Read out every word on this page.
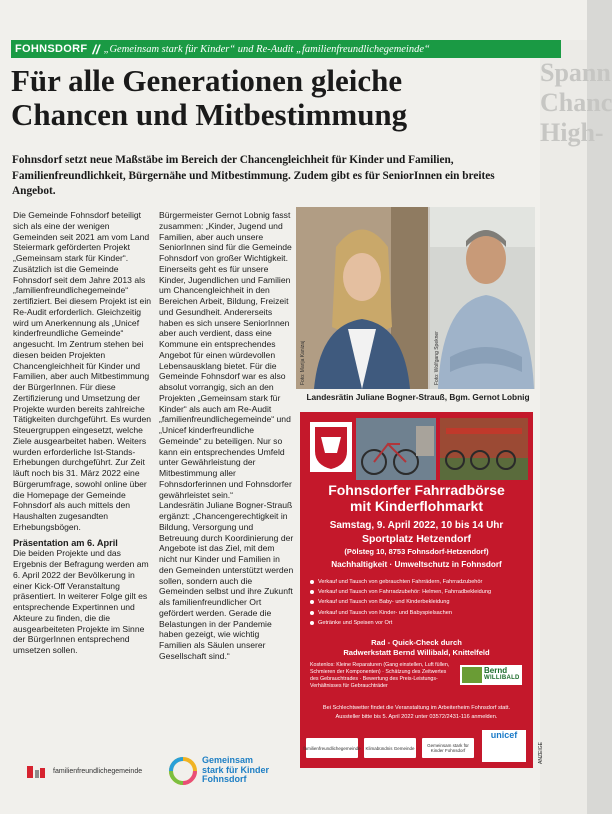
Spann
Chanc
High-
FOHNSDORF // „Gemeinsam stark für Kinder“ und Re-Audit „familienfreundlichegemeinde“
Für alle Generationen gleiche
Chancen und Mitbestimmung

Fohnsdorf setzt neue Maßstäbe im Bereich der Chancengleichheit für Kinder und Familien, Familienfreundlichkeit, Bürgernähe und Mitbestimmung. Zudem gibt es für SeniorInnen ein breites Angebot.

Die Gemeinde Fohnsdorf beteiligt sich als eine der wenigen Gemeinden seit 2021 am vom Land Steiermark geförderten Projekt „Gemeinsam stark für Kinder“. Zusätzlich ist die Gemeinde Fohnsdorf seit dem Jahre 2013 als „familienfreundlichegemeinde“ zertifiziert. Bei diesem Projekt ist ein Re-Audit erforderlich. Gleichzeitig wird um Anerkennung als „Unicef kinderfreundliche Gemeinde“ angesucht. Im Zentrum stehen bei diesen beiden Projekten Chancengleichheit für Kinder und Familien, aber auch Mitbestimmung der BürgerInnen. Für diese Zertifizierung und Umsetzung der Projekte wurden bereits zahlreiche Tätigkeiten durchgeführt. Es wurden Steuergruppen eingesetzt, welche Ziele ausgearbeitet haben. Weiters wurden erforderliche Ist-Stands-Erhebungen durchgeführt. Zur Zeit läuft noch bis 31. März 2022 eine Bürgerumfrage, sowohl online über die Homepage der Gemeinde Fohnsdorf als auch mittels den Haushalten zugesandten Erhebungsbögen.

Präsentation am 6. April

Die beiden Projekte und das Ergebnis der Befragung werden am 6. April 2022 der Bevölkerung in einer Kick-Off Veranstaltung präsentiert. In weiterer Folge gilt es entsprechende Expertinnen und Akteure zu finden, die die ausgearbeiteten Projekte im Sinne der BürgerInnen entsprechend umsetzen sollen.

Bürgermeister Gernot Lobnig fasst zusammen: „Kinder, Jugend und Familien, aber auch unsere SeniorInnen sind für die Gemeinde Fohnsdorf von großer Wichtigkeit. Einerseits geht es für unsere Kinder, Jugendlichen und Familien um Chancengleichheit in den Bereichen Arbeit, Bildung, Freizeit und Gesundheit. Andererseits haben es sich unsere SeniorInnen aber auch verdient, dass eine Kommune ein entsprechendes Angebot für einen würdevollen Lebensausklang bietet. Für die Gemeinde Fohnsdorf war es also absolut vorrangig, sich an den Projekten „Gemeinsam stark für Kinder“ als auch am Re-Audit „familienfreundlichegemeinde“ und „Unicef kinderfreundliche Gemeinde“ zu beteiligen. Nur so kann ein entsprechendes Umfeld unter Gewährleistung der Mitbestimmung aller Fohnsdorferinnen und Fohnsdorfer gewährleistet sein.“

Landesrätin Juliane Bogner-Strauß ergänzt: „Chancengerechtigkeit in Bildung, Versorgung und Betreuung durch Koordinierung der Angebote ist das Ziel, mit dem nicht nur Kinder und Familien in den Gemeinden unterstützt werden sollen, sondern auch die Gemeinden selbst und ihre Zukunft als familienfreundlicher Ort gefördert werden. Gerade die Belastungen in der Pandemie haben gezeigt, wie wichtig Familien als Säulen unserer Gesellschaft sind.“

Foto: Marija Kanizaj	Foto: Wolfgang Spekner
Landesrätin Juliane Bogner-Strauß, Bgm. Gernot Lobnig
Fohnsdorfer Fahrradbörse
mit Kinderflohmarkt
Samstag, 9. April 2022, 10 bis 14 Uhr
Sportplatz Hetzendorf
(Pölsteg 10, 8753 Fohnsdorf-Hetzendorf)
Nachhaltigkeit · Umweltschutz in Fohnsdorf
Verkauf und Tausch von gebrauchten Fahrrädern, Fahrradzubehör
Verkauf und Tausch von Fahrradzubehör: Helmen, Fahrradbekleidung
Verkauf und Tausch von Baby- und Kinderbekleidung
Verkauf und Tausch von Kinder- und Babyspielsachen
Getränke und Speisen vor Ort
Rad - Quick-Check durch
Radwerkstatt Bernd Willibald, Knittelfeld
Kostenlos: Kleine Reparaturen (Gang einstellen, Luft füllen, Schmieren der Komponenten) · Schätzung des Zeitwertes des Gebrauchtrades · Bewertung des Preis-Leistungs-Verhältnisses für Gebrauchträder
Bernd
WILLIBALD
Bei Schlechtwetter findet die Veranstaltung im Arbeiterheim Fohnsdorf statt.
Aussteller bitte bis 5. April 2022 unter 03572/2431-116 anmelden.
familienfreundlichegemeinde	Klimabündnis Gemeinde	Gemeinsam stark für Kinder Fohnsdorf
unicef
familienfreundlichegemeinde
Gemeinsam
stark für Kinder
Fohnsdorf
ANZEIGE
